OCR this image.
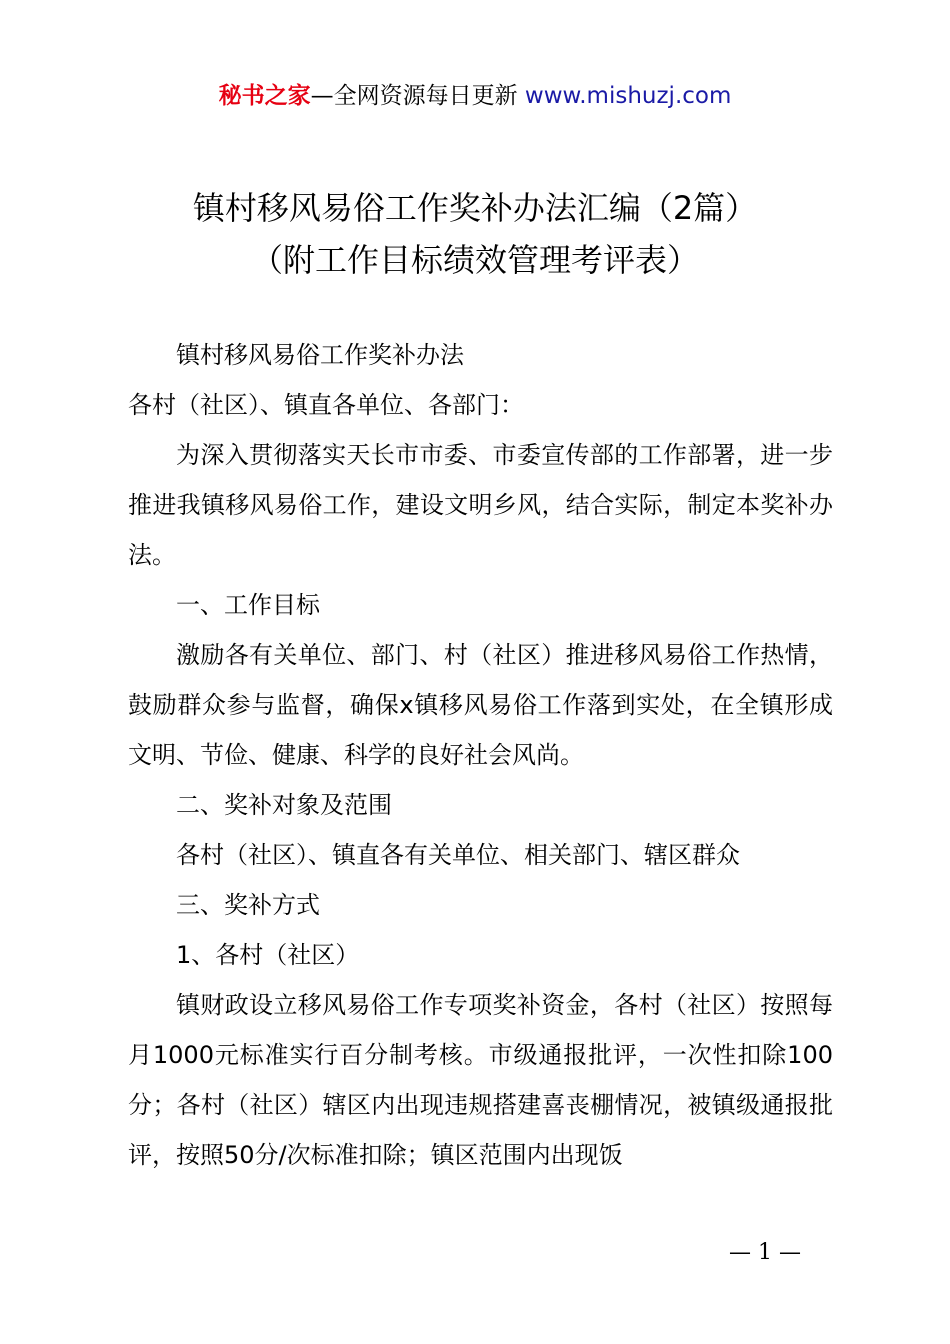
秘书之家—全网资源每日更新 www.mishuzj.com
镇村移风易俗工作奖补办法汇编（2篇）
（附工作目标绩效管理考评表）

镇村移风易俗工作奖补办法

各村（社区）、镇直各单位、各部门：

为深入贯彻落实天长市市委、市委宣传部的工作部署，进一步推进我镇移风易俗工作，建设文明乡风，结合实际，制定本奖补办法。

一、工作目标

激励各有关单位、部门、村（社区）推进移风易俗工作热情，鼓励群众参与监督，确保x镇移风易俗工作落到实处，在全镇形成文明、节俭、健康、科学的良好社会风尚。

二、奖补对象及范围

各村（社区）、镇直各有关单位、相关部门、辖区群众

三、奖补方式

1、各村（社区）

镇财政设立移风易俗工作专项奖补资金，各村（社区）按照每月1000元标准实行百分制考核。市级通报批评，一次性扣除100分；各村（社区）辖区内出现违规搭建喜丧棚情况，被镇级通报批评，按照50分/次标准扣除；镇区范围内出现饭

— 1 —
